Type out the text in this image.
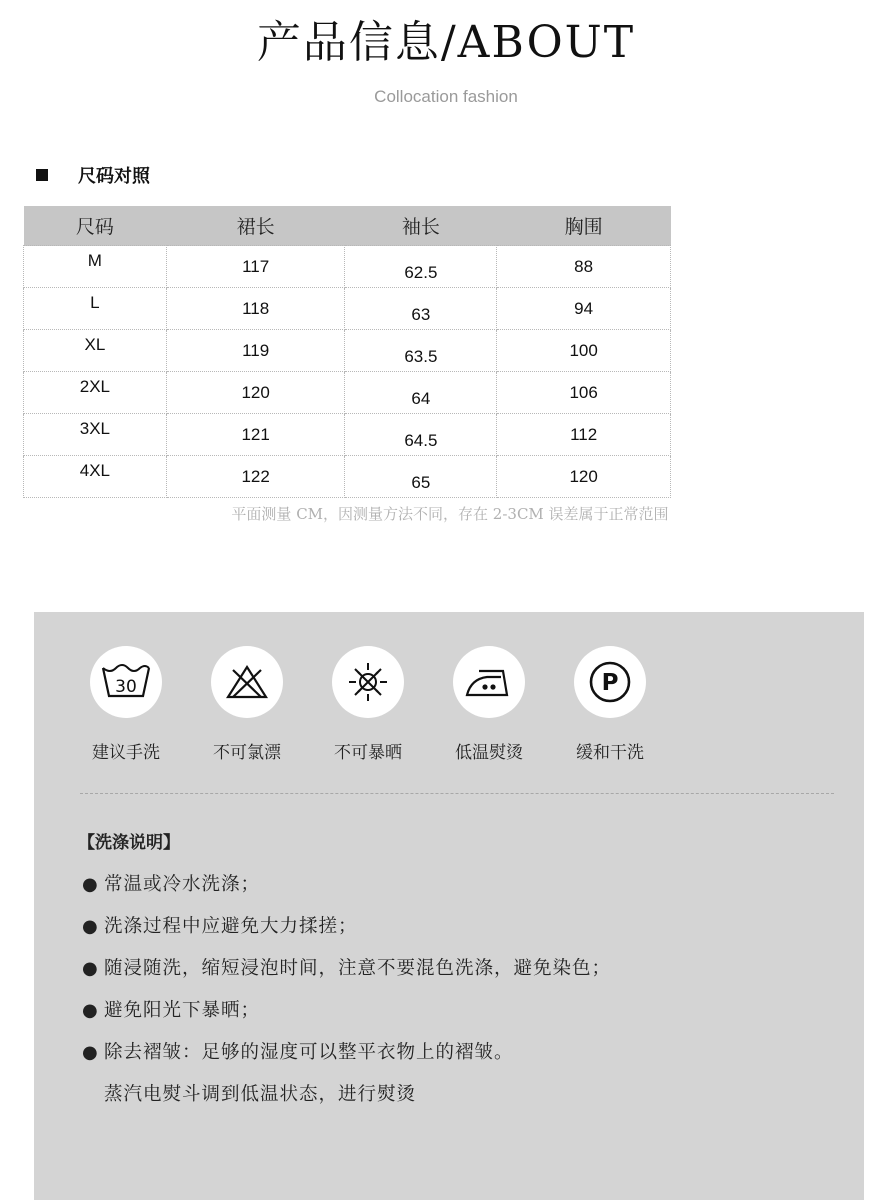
产品信息/ABOUT
Collocation fashion
尺码对照
尺码	裙长	袖长	胸围
M	117	62.5	88
L	118	63	94
XL	119	63.5	100
2XL	120	64	106
3XL	121	64.5	112
4XL	122	65	120
平面测量 CM，因测量方法不同，存在 2-3CM 误差属于正常范围
30
建议手洗	不可氯漂	不可暴晒	低温熨烫
P
缓和干洗
【洗涤说明】
● 常温或冷水洗涤；
● 洗涤过程中应避免大力揉搓；
● 随浸随洗，缩短浸泡时间，注意不要混色洗涤，避免染色；
● 避免阳光下暴晒；
● 除去褶皱：足够的湿度可以整平衣物上的褶皱。
蒸汽电熨斗调到低温状态，进行熨烫
